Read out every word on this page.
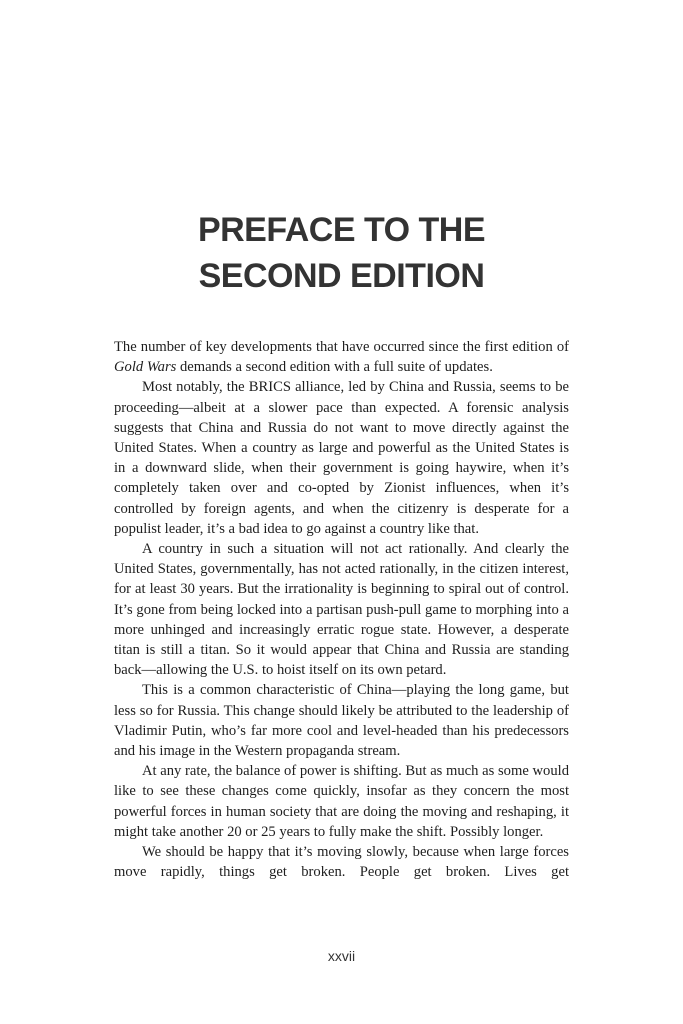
PREFACE TO THE
SECOND EDITION

The number of key developments that have occurred since the first edition of Gold Wars demands a second edition with a full suite of updates.

Most notably, the BRICS alliance, led by China and Russia, seems to be proceeding—albeit at a slower pace than expected. A forensic analysis suggests that China and Russia do not want to move directly against the United States. When a country as large and powerful as the United States is in a downward slide, when their government is going haywire, when it’s completely taken over and co-opted by Zionist influences, when it’s controlled by foreign agents, and when the citizenry is desperate for a populist leader, it’s a bad idea to go against a country like that.

A country in such a situation will not act rationally. And clearly the United States, governmentally, has not acted rationally, in the citizen interest, for at least 30 years. But the irrationality is beginning to spiral out of control. It’s gone from being locked into a partisan push-pull game to morphing into a more unhinged and increasingly erratic rogue state. However, a desperate titan is still a titan. So it would appear that China and Russia are standing back—allowing the U.S. to hoist itself on its own petard.

This is a common characteristic of China—playing the long game, but less so for Russia. This change should likely be attributed to the leadership of Vladimir Putin, who’s far more cool and level-headed than his predecessors and his image in the Western propaganda stream.

At any rate, the balance of power is shifting. But as much as some would like to see these changes come quickly, insofar as they concern the most powerful forces in human society that are doing the moving and reshaping, it might take another 20 or 25 years to fully make the shift. Possibly longer.

We should be happy that it’s moving slowly, because when large forces move rapidly, things get broken. People get broken. Lives get

xxvii
